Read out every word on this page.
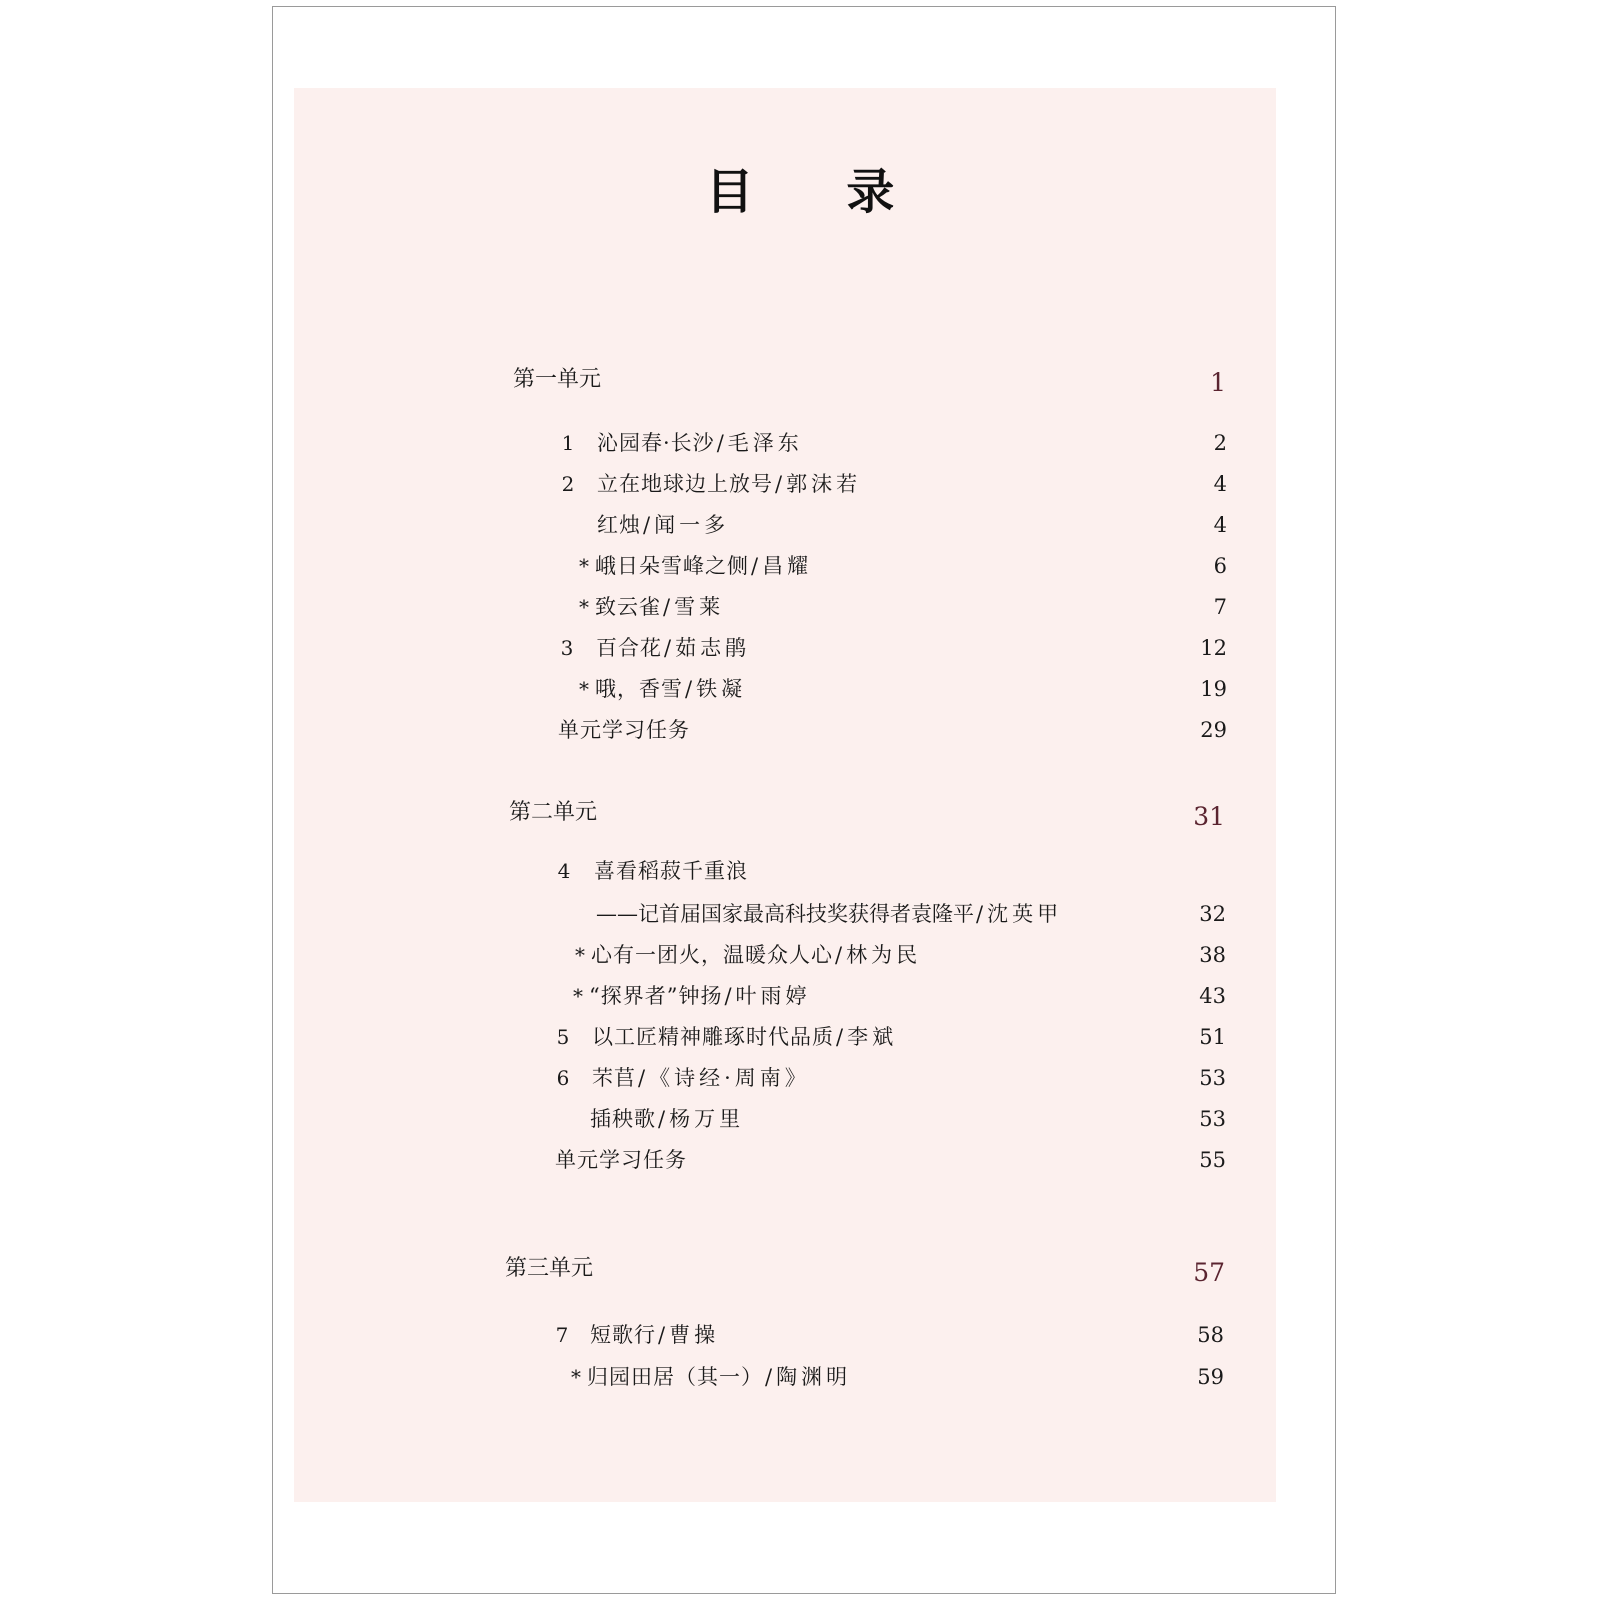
目 录
第一单元	1
1 沁园春·长沙/毛泽东	2
2 立在地球边上放号/郭沫若	4
红烛/闻一多	4
* 峨日朵雪峰之侧/昌耀	6
* 致云雀/雪莱	7
3 百合花/茹志鹃	12
* 哦，香雪/铁凝	19
单元学习任务	29
第二单元	31
4 喜看稻菽千重浪
——记首届国家最高科技奖获得者袁隆平/沈英甲	32
* 心有一团火，温暖众人心/林为民	38
* “探界者”钟扬/叶雨婷	43
5 以工匠精神雕琢时代品质/李斌	51
6 芣苢/《诗经·周南》	53
插秧歌/杨万里	53
单元学习任务	55
第三单元	57
7 短歌行/曹操	58
* 归园田居（其一）/陶渊明	59
